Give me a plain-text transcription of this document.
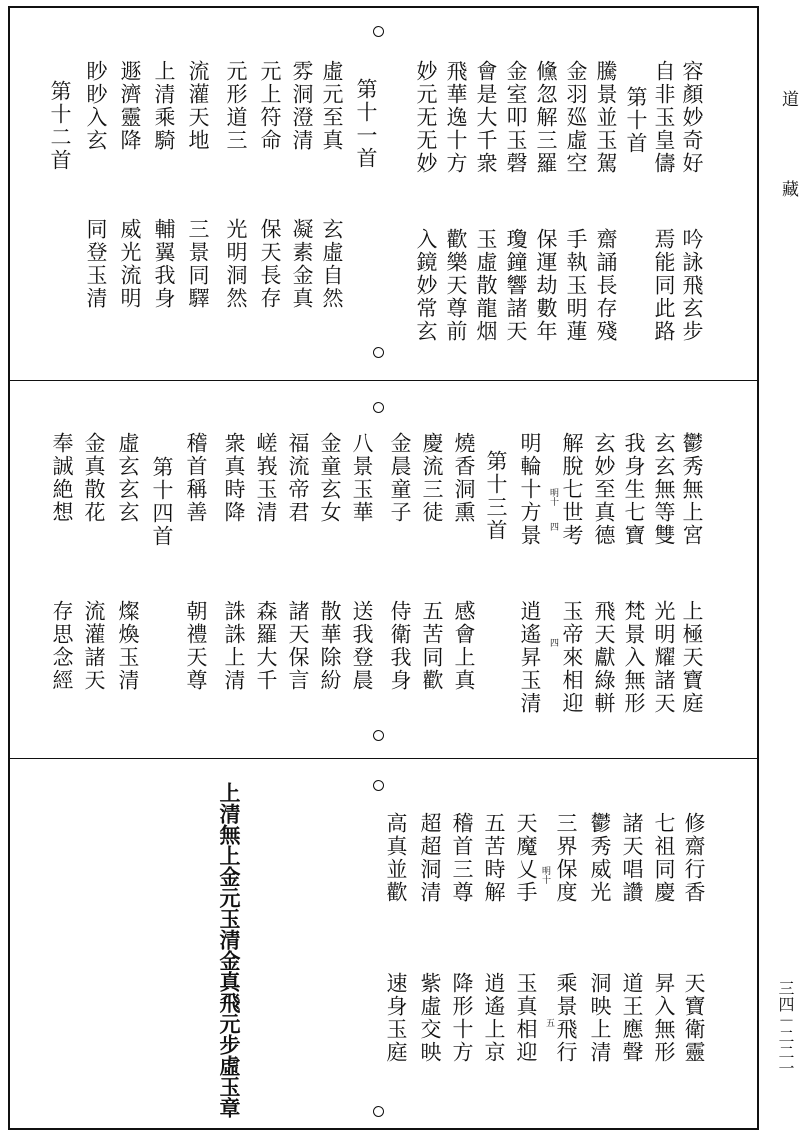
道
藏
三四－二二一
容顏妙奇好
吟詠飛玄步
自非玉皇儔
焉能同此路
第十首
騰景並玉駕
齋誦長存殘
金羽廵虛空
手執玉明蓮
儵忽解三羅
保運劫數年
金室叩玉磬
瓊鐘響諸天
會是大千衆
玉虛散龍烟
飛華逸十方
歡樂天尊前
妙元无无妙
入鏡妙常玄
第十一首
虛元至真
玄虛自然
雰洞澄清
凝素金真
元上符命
保天長存
元形道三
光明洞然
流灌天地
三景同驛
上清乘騎
輔翼我身
遯濟靈降
威光流明
眇眇入玄
同登玉清
第十二首
鬱秀無上宮
上極天寶庭
玄玄無等雙
光明耀諸天
我身生七寶
梵景入無形
玄妙至真德
飛天獻綠軿
解脫七世考
玉帝來相迎
明輪十方景
逍遙昇玉清
第十三首
燒香洞熏
感會上真
慶流三徒
五苦同歡
金晨童子
侍衛我身
八景玉華
送我登晨
金童玄女
散華除紛
福流帝君
諸天保言
嵯峩玉清
森羅大千
衆真時降
誅誅上清
稽首稱善
朝禮天尊
第十四首
虛玄玄玄
燦煥玉清
金真散花
流灌諸天
奉誠絶想
存思念經
明十
四
四
修齋行香
天寶衛靈
七祖同慶
昇入無形
諸天唱讚
道王應聲
鬱秀威光
洞映上清
三界保度
乘景飛行
天魔乂手
玉真相迎
五苦時解
逍遙上京
稽首三尊
降形十方
超超洞清
紫虛交映
高真並歡
速身玉庭
上清無上金元玉清金真飛元步虛玉章	明十
五
